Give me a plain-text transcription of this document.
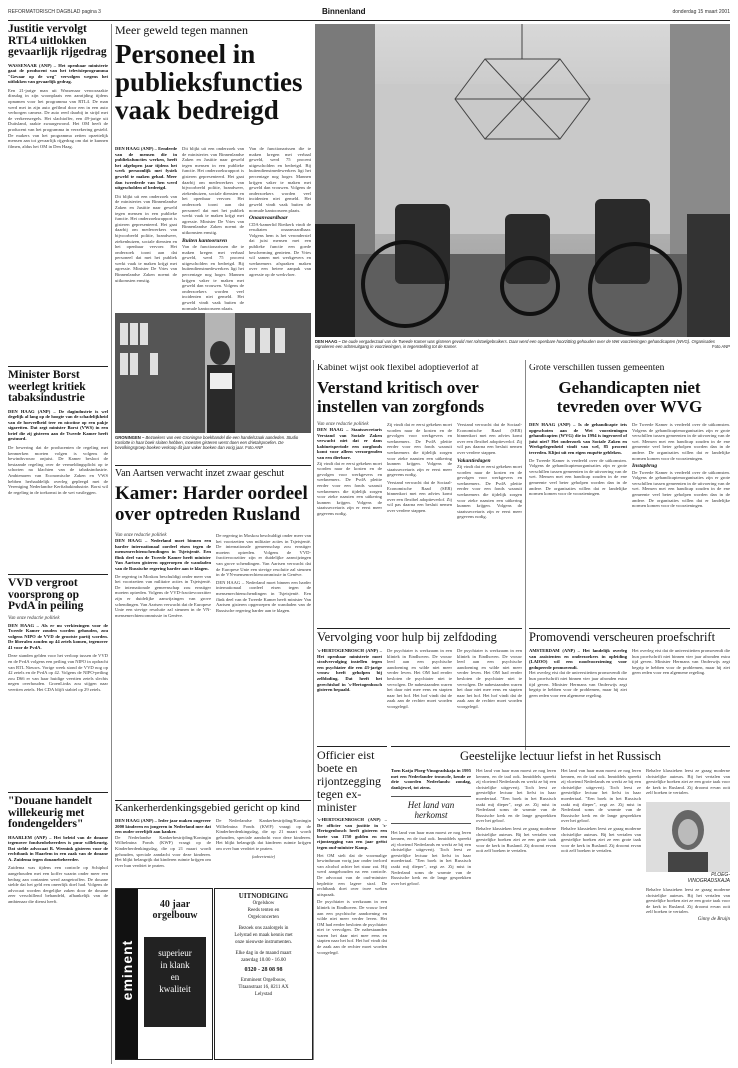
REFORMATORISCH DAGBLAD pagina 3	Binnenland	donderdag 15 maart 2001
Justitie vervolgt RTL4 uitlokken gevaarlijk rijgedrag
WASSENAAR (ANP) – Het openbaar ministerie gaat de producent van het televisieprogramma "Gevaar op de weg" vervolgen wegens het uitlokken van gevaarlijk gedrag.
Een 21-jarige man uit Wassenaar veroorzaakte dinsdag in zijn woonplaats een aanrijding tijdens opnamen voor het programma van RTL4. De man werd met in zijn auto gefilmd door een in een auto verborgen camera. De auto reed daarbij in strijd met de verkeersregels. Het slachtoffer, een 49-jarige uit Duitsland, raakte zwaargewond. Het OM heeft de producent van het programma in verzekering gesteld. De makers van het programma zetten opzettelijk mensen aan tot gevaarlijk rijgedrag om dat te kunnen filmen, aldus het OM in Den Haag.
Minister Borst weerlegt kritiek tabaksindustrie
DEN HAAG (ANP) – De dagindustrie is wel degelijk al lang op de hoogte van de schadelijkheid van de hoeveelheid teer en nicotine op een pakje sigaretten. Dat zegt minister Borst (VWS) in een brief die zij gisteren aan de Tweede Kamer heeft gestuurd.
De bewering dat de producenten de regeling met kenmerken moeten volgen is volgens de bewindsvrouw onjuist. De Kamer besloot de bestaande regeling over de vermeldingsplicht op te schorten na klachten van de tabaksindustrie. Ambtenaren van Economische Zaken en VWS hebben herhaaldelijk overleg gepleegd met de Vereniging Nederlandse Kerftabakindustrie. Borst wil de regeling in de toekomst in de wet vastleggen.
VVD vergroot voorsprong op PvdA in peiling
Van onze redactie politiek
DEN HAAG – Als er nu verkiezingen voor de Tweede Kamer zouden worden gehouden, zou volgens NIPO de VVD de grootste partij worden. De liberalen zouden op 44 zetels komen, tegenover 41 voor de PvdA.
Deze standen gelden voor het verloop tussen de VVD en de PvdA volgens een peiling van NIPO in opdracht van RTL Nieuws. Vorige week stond de VVD nog op 42 zetels en de PvdA op 42. Volgens de NIPO-peiling zou D66 er van haar huidige veertien zetels slechts negen overhouden. GroenLinks zou stijgen naar veertien zetels. Het CDA blijft stabiel op 29 zetels.
"Douane handelt willekeurig met fondengelders"
HAARLEM (ANP) – Het beleid van de douane tegenover fondsenbeheerders is puur willekeurig. Dat stelde advocaat B. Weenink gisteren voor de rechtbank in Haarlem in een zaak van de douane A. Zuidema tegen douanebeheerder.
Zuidema was tijdens een controle op Schiphol aangehouden met een koffer waarin onder meer een bedrag aan contanten werd aangetroffen. De douane stelde dat het geld een oneerlijk doel had. Volgens de advocaat worden dergelijke zaken door de douane zeer verschillend behandeld, afhankelijk van de ambtenaar die dienst heeft.
Meer geweld tegen mannen
Personeel in publieksfuncties vaak bedreigd
DEN HAAG (ANP) – Eenderde van de mensen die in publieksfuncties werken, heeft het afgelopen jaar tijdens het werk persoonlijk met fysiek geweld te maken gehad. Meer dan tweederde van hen werd uitgescholden of bedreigd.
Dit blijkt uit een onderzoek van de ministeries van Binnenlandse Zaken en Justitie naar geweld tegen mensen in een publieke functie. Het onderzoeksrapport is gisteren gepresenteerd. Het gaat daarbij om medewerkers van bijvoorbeeld politie, brandweer, ziekenhuizen, sociale diensten en het openbaar vervoer. Het onderzoek toont aan dat personeel dat met het publiek werkt vaak te maken krijgt met agressie. Minister De Vries van Binnenlandse Zaken noemt de uitkomsten ernstig.
Dit blijkt uit een onderzoek van de ministeries van Binnenlandse Zaken en Justitie naar geweld tegen mensen in een publieke functie. Het onderzoeksrapport is gisteren gepresenteerd. Het gaat daarbij om medewerkers van bijvoorbeeld politie, brandweer, ziekenhuizen, sociale diensten en het openbaar vervoer. Het onderzoek toont aan dat personeel dat met het publiek werkt vaak te maken krijgt met agressie. Minister De Vries van Binnenlandse Zaken noemt de uitkomsten ernstig.
Buiten kantooruren
Van de functionarissen die te maken kregen met verbaal geweld, werd 75 procent uitgescholden en bedreigd. Bij buitendienstmedewerkers ligt het percentage nog hoger. Mannen krijgen vaker te maken met geweld dan vrouwen. Volgens de onderzoekers worden veel incidenten niet gemeld. Het geweld vindt vaak buiten de normale kantooruren plaats.
Van de functionarissen die te maken kregen met verbaal geweld, werd 75 procent uitgescholden en bedreigd. Bij buitendienstmedewerkers ligt het percentage nog hoger. Mannen krijgen vaker te maken met geweld dan vrouwen. Volgens de onderzoekers worden veel incidenten niet gemeld. Het geweld vindt vaak buiten de normale kantooruren plaats.
Onaanvaardbaar
CDA-kamerlid Rietkerk vindt de resultaten onaanvaardbaar. Volgens hem is het veronderstel dat juist mensen met een publieke functie een goede bescherming genieten. De Vries wil samen met werkgevers en werknemers afspraken maken over een betere aanpak van agressie op de werkvloer.
DEN HAAG – De oude vergaderzaal van de Tweede Kamer was gisteren gevuld met rolstoelgebruikers. Daar werd een openbare hoorzitting gehouden over de Wet voorzieningen gehandicapten (WVG). Organisaties signaleren een achteruitgang in voorzieningen, in tegenstelling tot de Kamer.	Foto ANP
GRONINGEN – Bezoekers van een Groningse boekhandel die een handelszaak aandeden. Studio Koslotte in haar boek sluiten hebben, moesten gisteren werst doen een drietalsproefen. De bevolkingsgroep boeken verkoop dit jaar vaker boeken dan vorig jaar. Foto ANP
Van Aartsen verwacht inzet zwaar geschut
Kamer: Harder oordeel over optreden Rusland
Van onze redactie politiek
DEN HAAG – Nederland moet binnen een harder internationaal oordeel eisen tegen de mensenrechtenschendingen in Tsjetsjenië. Een flink deel van de Tweede Kamer heeft minister Van Aartsen gisteren opgeroepen de wandaden van de Russische regering harder aan te klagen.
De regering in Moskou beschuldigt onder meer van het voortzetten van militaire acties in Tsjetsjenië. De internationale gemeenschap zou ernstiger moeten optreden. Volgens de VVD-fractievoorzitter zijn er duidelijke aanwijzingen van grove schendingen. Van Aartsen verwacht dat de Europese Unie een stevige resolutie zal steunen in de VN-mensenrechtencommissie in Genève.
De regering in Moskou beschuldigt onder meer van het voortzetten van militaire acties in Tsjetsjenië. De internationale gemeenschap zou ernstiger moeten optreden. Volgens de VVD-fractievoorzitter zijn er duidelijke aanwijzingen van grove schendingen. Van Aartsen verwacht dat de Europese Unie een stevige resolutie zal steunen in de VN-mensenrechtencommissie in Genève.
DEN HAAG – Nederland moet binnen een harder internationaal oordeel eisen tegen de mensenrechtenschendingen in Tsjetsjenië. Een flink deel van de Tweede Kamer heeft minister Van Aartsen gisteren opgeroepen de wandaden van de Russische regering harder aan te klagen.
Kankerherdenkingsgebied gericht op kind
DEN HAAG (ANP) – Ieder jaar maken ongeveer 2000 kinderen en jongeren in Nederland mee dat een ouder overlijdt aan kanker.
De Nederlandse Kankerbestrijding/Koningin Wilhelmina Fonds (KWF) vraagt op de Kinderherdenkingsdag, die op 21 maart wordt gehouden, speciale aandacht voor deze kinderen. Het blijkt belangrijk dat kinderen ruimte krijgen om over hun verdriet te praten.
De Nederlandse Kankerbestrijding/Koningin Wilhelmina Fonds (KWF) vraagt op de Kinderherdenkingsdag, die op 21 maart wordt gehouden, speciale aandacht voor deze kinderen. Het blijkt belangrijk dat kinderen ruimte krijgen om over hun verdriet te praten.
(advertentie)
eminent
40 jaar
orgelbouw
superieur
in klank
en
kwaliteit
UITNODIGING
Orgelshow
Reeds tenten en
Orgelconcerten
Bezoek ons zaalorgels in
Lelystad en maak kennis met
onze nieuwste instrumenten.
Elke dag in de maand maart
zaterdag 10.00 - 16.00
0320 - 28 08 98
Emminent Orgelbouw,
Titaanstraat 16, 8211 AX
Lelystad
Kabinet wijst ook flexibel adoptieverlof af
Verstand kritisch over instellen van zorgfonds
Van onze redactie politiek
DEN HAAG – Staatssecretaris Verstand van Sociale Zaken verwacht niet dat er dans kabinetsperiode een zorgfonds komt voor alleen verzorgenden van een dierbare.
Zij vindt dat er eerst gekeken moet worden naar de kosten en de gevolgen voor werkgevers en werknemers. De PvdA pleitte eerder voor een fonds waaruit werknemers die tijdelijk zorgen voor zieke naasten een uitkering kunnen krijgen. Volgens de staatssecretaris zijn er eerst meer gegevens nodig.
Zij vindt dat er eerst gekeken moet worden naar de kosten en de gevolgen voor werkgevers en werknemers. De PvdA pleitte eerder voor een fonds waaruit werknemers die tijdelijk zorgen voor zieke naasten een uitkering kunnen krijgen. Volgens de staatssecretaris zijn er eerst meer gegevens nodig.
Verstand verwacht dat de Sociaal-Economische Raad (SER) binnenkort met een advies komt over een flexibel adoptieverlof. Zij wil pas daarna een besluit nemen over verdere stappen.
Verstand verwacht dat de Sociaal-Economische Raad (SER) binnenkort met een advies komt over een flexibel adoptieverlof. Zij wil pas daarna een besluit nemen over verdere stappen.
Vakantiedagen
Zij vindt dat er eerst gekeken moet worden naar de kosten en de gevolgen voor werkgevers en werknemers. De PvdA pleitte eerder voor een fonds waaruit werknemers die tijdelijk zorgen voor zieke naasten een uitkering kunnen krijgen. Volgens de staatssecretaris zijn er eerst meer gegevens nodig.
Vervolging voor hulp bij zelfdoding
's-HERTOGENBOSCH (ANP) – Het openbaar ministerie moet strafvervolging instellen tegen een psychiater die een 43-jarige vrouw heeft geholpen bij zelfdoding. Dat heeft het gerechtshof in 's-Hertogenbosch gisteren bepaald.
De psychiater is werkzaam in een kliniek in Eindhoven. De vrouw leed aan een psychische aandoening en wilde niet meer verder leven. Het OM had eerder besloten de psychiater niet te vervolgen. De nabestaanden waren het daar niet mee eens en stapten naar het hof. Het hof vindt dat de zaak aan de rechter moet worden voorgelegd.
De psychiater is werkzaam in een kliniek in Eindhoven. De vrouw leed aan een psychische aandoening en wilde niet meer verder leven. Het OM had eerder besloten de psychiater niet te vervolgen. De nabestaanden waren het daar niet mee eens en stapten naar het hof. Het hof vindt dat de zaak aan de rechter moet worden voorgelegd.
Officier eist boete en rijontzegging tegen ex-minister
's-HERTOGENBOSCH (ANP) – De officier van justitie in 's-Hertogenbosch heeft gisteren een boete van 1750 gulden en een rijontzegging van een jaar geëist tegen oud-minister Kamp.
Het OM stelt dat de voormalige bewindsman vorig jaar onder invloed van alcohol achter het stuur zat. Hij werd aangehouden na een controle. De advocaat van de oud-minister bepleitte een lagere straf. De rechtbank doet over twee weken uitspraak.
De psychiater is werkzaam in een kliniek in Eindhoven. De vrouw leed aan een psychische aandoening en wilde niet meer verder leven. Het OM had eerder besloten de psychiater niet te vervolgen. De nabestaanden waren het daar niet mee eens en stapten naar het hof. Het hof vindt dat de zaak aan de rechter moet worden voorgelegd.
Grote verschillen tussen gemeenten
Gehandicapten niet tevreden over WVG
DEN HAAG (ANP) – Is de gehandicapte iets opgeschoten aan de Wet voorzieningen gehandicapten (WVG) die in 1994 is ingevoerd of juist niet? Het onderzoek van Sociale Zaken en Werkgelegenheid vindt van wel, 85 procent tevreden. Klijnt uit een eigen enquête gebleken.
De Tweede Kamer is verdeeld over de uitkomsten. Volgens de gehandicaptenorganisaties zijn er grote verschillen tussen gemeenten in de uitvoering van de wet. Mensen met een handicap zouden in de ene gemeente veel beter geholpen worden dan in de andere. De organisaties willen dat er landelijke normen komen voor de voorzieningen.
De Tweede Kamer is verdeeld over de uitkomsten. Volgens de gehandicaptenorganisaties zijn er grote verschillen tussen gemeenten in de uitvoering van de wet. Mensen met een handicap zouden in de ene gemeente veel beter geholpen worden dan in de andere. De organisaties willen dat er landelijke normen komen voor de voorzieningen.
Instapbrug
De Tweede Kamer is verdeeld over de uitkomsten. Volgens de gehandicaptenorganisaties zijn er grote verschillen tussen gemeenten in de uitvoering van de wet. Mensen met een handicap zouden in de ene gemeente veel beter geholpen worden dan in de andere. De organisaties willen dat er landelijke normen komen voor de voorzieningen.
Promovendi verscheuren proefschrift
AMSTERDAM (ANP) – Het landelijk overleg van assistenten en onderzoekers in opleiding (LAIOO) wil een noodvoorziening voor gedupeerde promovendi.
Het overleg eist dat de universiteiten promovendi die hun proefschrift niet binnen vier jaar afronden extra tijd geven. Minister Hermans van Onderwijs zegt begrip te hebben voor de problemen, maar hij ziet geen reden voor een algemene regeling.
Het overleg eist dat de universiteiten promovendi die hun proefschrift niet binnen vier jaar afronden extra tijd geven. Minister Hermans van Onderwijs zegt begrip te hebben voor de problemen, maar hij ziet geen reden voor een algemene regeling.
Geestelijke lectuur liefst in het Russisch
Toen Katja Ploeg-Vinogradskaja in 1995 met een Nederlander trouwde, kende ze drie woorden Nederlands: zondag, dankjewel, tot ziens.
Het land van
herkomst
Het land van haar man moest ze nog leren kennen, en de taal ook. Inmiddels spreekt zij vloeiend Nederlands en werkt ze bij een christelijke uitgeverij. Toch leest ze geestelijke lectuur het liefst in haar moedertaal. "Een boek in het Russisch raakt mij dieper", zegt ze. Zij mist in Nederland soms de warmte van de Russische kerk en de lange gesprekken over het geloof.
Het land van haar man moest ze nog leren kennen, en de taal ook. Inmiddels spreekt zij vloeiend Nederlands en werkt ze bij een christelijke uitgeverij. Toch leest ze geestelijke lectuur het liefst in haar moedertaal. "Een boek in het Russisch raakt mij dieper", zegt ze. Zij mist in Nederland soms de warmte van de Russische kerk en de lange gesprekken over het geloof.
Behalve klassieken leest ze graag moderne christelijke auteurs. Bij het vertalen van geestelijke boeken ziet ze een grote taak voor de kerk in Rusland. Zij droomt ervan ooit zelf boeken te vertalen.
Het land van haar man moest ze nog leren kennen, en de taal ook. Inmiddels spreekt zij vloeiend Nederlands en werkt ze bij een christelijke uitgeverij. Toch leest ze geestelijke lectuur het liefst in haar moedertaal. "Een boek in het Russisch raakt mij dieper", zegt ze. Zij mist in Nederland soms de warmte van de Russische kerk en de lange gesprekken over het geloof.
Behalve klassieken leest ze graag moderne christelijke auteurs. Bij het vertalen van geestelijke boeken ziet ze een grote taak voor de kerk in Rusland. Zij droomt ervan ooit zelf boeken te vertalen.
Behalve klassieken leest ze graag moderne christelijke auteurs. Bij het vertalen van geestelijke boeken ziet ze een grote taak voor de kerk in Rusland. Zij droomt ervan ooit zelf boeken te vertalen.
PLOEG-
VINOGRADSKAJA
Behalve klassieken leest ze graag moderne christelijke auteurs. Bij het vertalen van geestelijke boeken ziet ze een grote taak voor de kerk in Rusland. Zij droomt ervan ooit zelf boeken te vertalen.
Ginny de Bruijn
